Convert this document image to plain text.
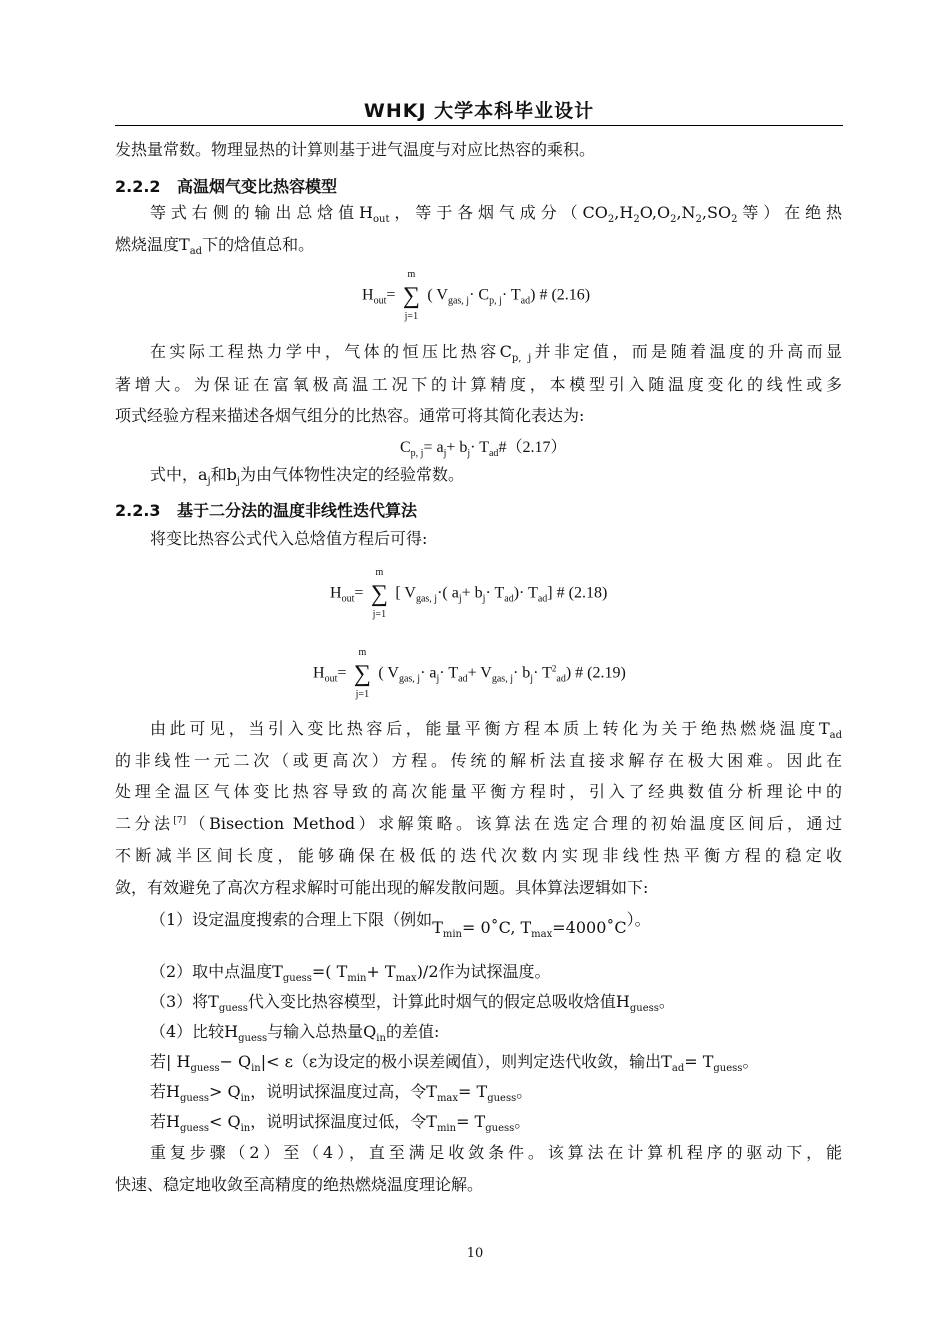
WHKJ 大学本科毕业设计
发热量常数。物理显热的计算则基于进气温度与对应比热容的乘积。
2.2.2 高温烟气变比热容模型
等式右侧的输出总焓值$H_{out}$，等于各烟气成分（$CO_2,H_2O,O_2,N_2,SO_2$等）在绝热
燃烧温度$T_{ad}$下的焓值总和。
$H_{out}=$ ∑
m
j=1
( $V_{gas, j}\cdot C_{p, j}\cdot T_{ad}$) # (2.16)
在实际工程热力学中，气体的恒压比热容$C_{p, j}$并非定值，而是随着温度的升高而显
著增大。为保证在富氧极高温工况下的计算精度，本模型引入随温度变化的线性或多
项式经验方程来描述各烟气组分的比热容。通常可将其简化表达为:
$C_{p, j}= a_j+ b_j\cdot$ $T_{ad}\#(2.17)$
式中，$a_j$和$b_j$为由气体物性决定的经验常数。
2.2.3 基于二分法的温度非线性迭代算法
将变比热容公式代入总焓值方程后可得:
$H_{out}=$ ∑
m
j=1
[ $V_{gas, j}\cdot$( $a_j+ b_j\cdot T_{ad})\cdot T_{ad}$] # (2.18)
$H_{out}=$ ∑
m
j=1
( $V_{gas, j}\cdot a_j\cdot T_{ad}+ V_{gas, j}\cdot b_j\cdot T^2_{ad}$) # (2.19)
由此可见，当引入变比热容后，能量平衡方程本质上转化为关于绝热燃烧温度$T_{ad}$
的非线性一元二次（或更高次）方程。传统的解析法直接求解存在极大困难。因此在
处理全温区气体变比热容导致的高次能量平衡方程时，引入了经典数值分析理论中的
二分法[7]（Bisection Method）求解策略。该算法在选定合理的初始温度区间后，通过
不断减半区间长度，能够确保在极低的迭代次数内实现非线性热平衡方程的稳定收
敛，有效避免了高次方程求解时可能出现的解发散问题。具体算法逻辑如下:
（1）设定温度搜索的合理上下限（例如$T_{min}=$ 0˚C, $T_{max}=4000˚C$）。
（2）取中点温度$T_{guess}=$( $T_{min}+ T_{max})/2$作为试探温度。
（3）将$T_{guess}$代入变比热容模型，计算此时烟气的假定总吸收焓值$H_{guess}$。
（4）比较$H_{guess}$与输入总热量$Q_{in}$的差值:
若| $H_{guess}- Q_{in}|< \varepsilon(\varepsilon$为设定的极小误差阈值），则判定迭代收敛，输出$T_{ad}= T_{guess}$。
若$H_{guess}> Q_{in}$，说明试探温度过高，令$T_{max}= T_{guess}$。
若$H_{guess}< Q_{in}$，说明试探温度过低，令$T_{min}= T_{guess}$。
重复步骤（2）至（4），直至满足收敛条件。该算法在计算机程序的驱动下，能
快速、稳定地收敛至高精度的绝热燃烧温度理论解。
10
